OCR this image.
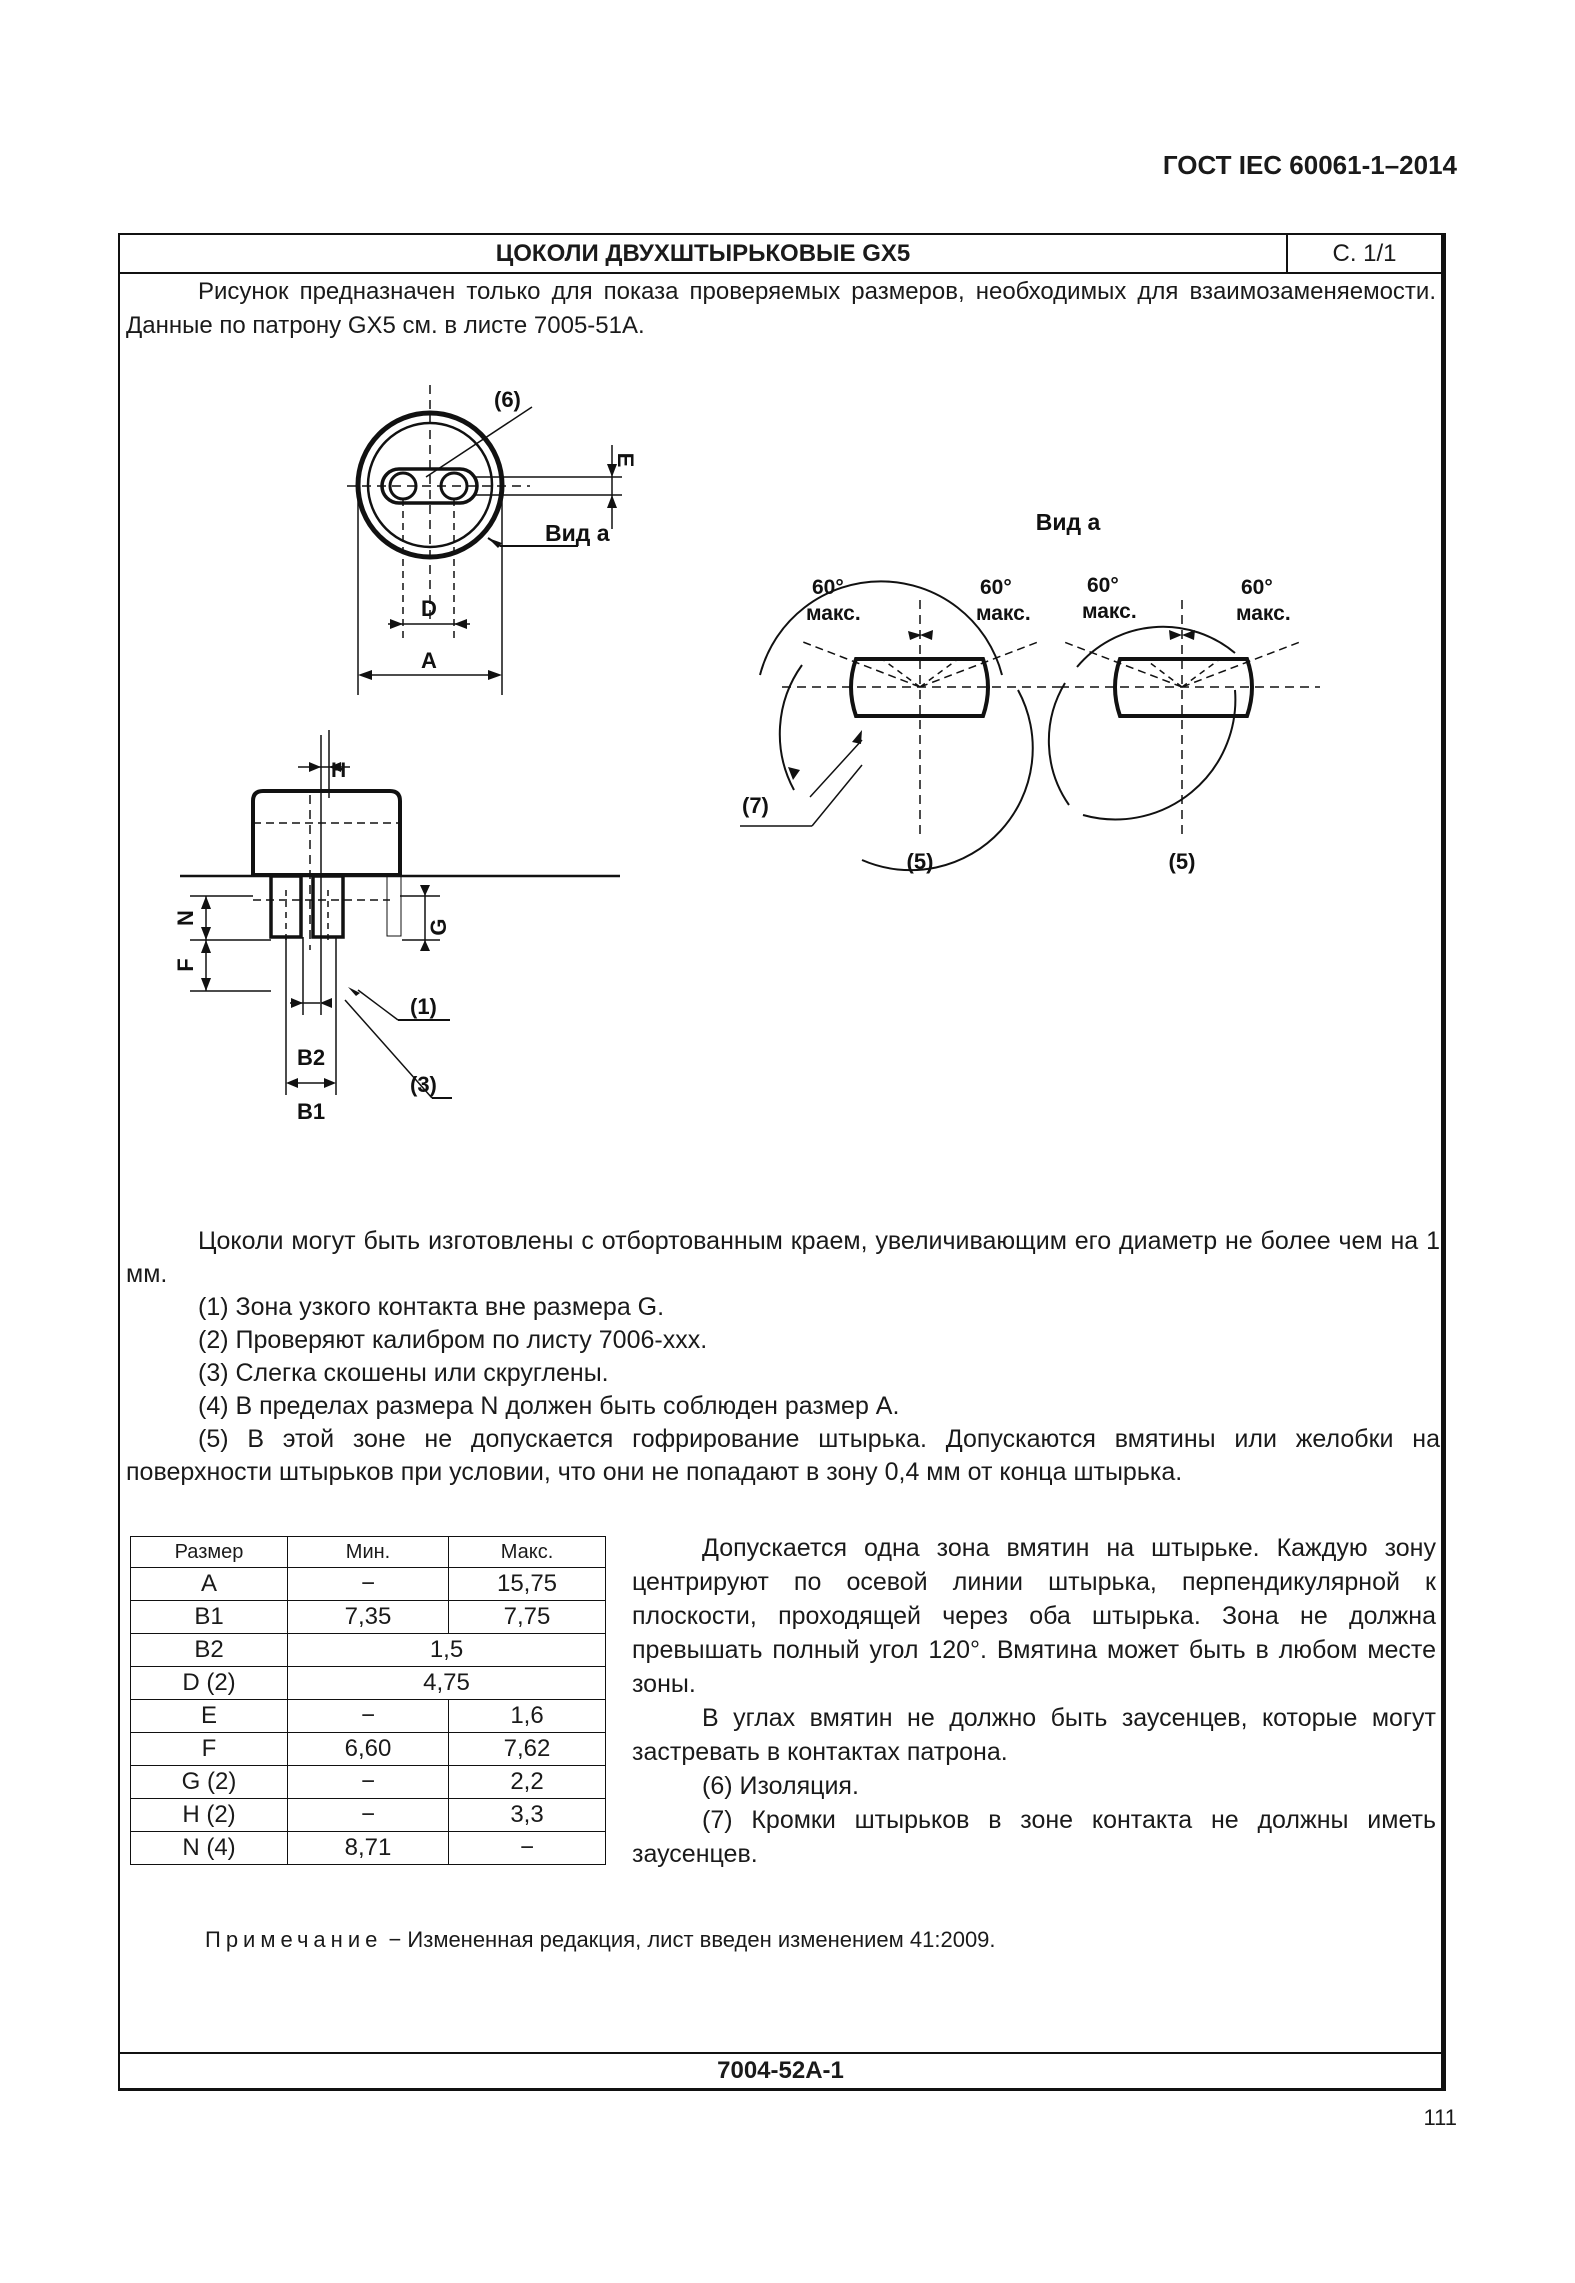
ГОСТ IEC 60061-1–2014
ЦОКОЛИ ДВУХШТЫРЬКОВЫЕ GX5	С. 1/1

Рисунок предназначен только для показа проверяемых размеров, необходимых для взаимозаменяемости. Данные по патрону GX5 см. в листе 7005-51А.

(6)
E
Вид а
D
A
Вид а
60°
макс.
60°
макс.
60°
макс.
60°
макс.
(7)
(5)	(5)
H
N
G
F
(1)
(3)
B2
B1

Цоколи могут быть изготовлены с отбортованным краем, увеличивающим его диаметр не более чем на 1 мм.

(1) Зона узкого контакта вне размера G.

(2) Проверяют калибром по листу 7006-ххх.

(3) Слегка скошены или скруглены.

(4) В пределах размера N должен быть соблюден размер А.

(5) В этой зоне не допускается гофрирование штырька. Допускаются вмятины или желобки на поверхности штырьков при условии, что они не попадают в зону 0,4 мм от конца штырька.

Размер	Мин.	Макс.
A	−	15,75
B1	7,35	7,75
B2	1,5	
D (2)	4,75	
E	−	1,6
F	6,60	7,62
G (2)	−	2,2
H (2)	−	3,3
N (4)	8,71	−

Допускается одна зона вмятин на штырьке. Каждую зону центрируют по осевой линии штырька, перпендикулярной к плоскости, проходящей через оба штырька. Зона не должна превышать полный угол 120°. Вмятина может быть в любом месте зоны.

В углах вмятин не должно быть заусенцев, которые могут застревать в контактах патрона.

(6) Изоляция.

(7) Кромки штырьков в зоне контакта не должны иметь заусенцев.

Примечание − Измененная редакция, лист введен изменением 41:2009.
7004-52А-1
111
